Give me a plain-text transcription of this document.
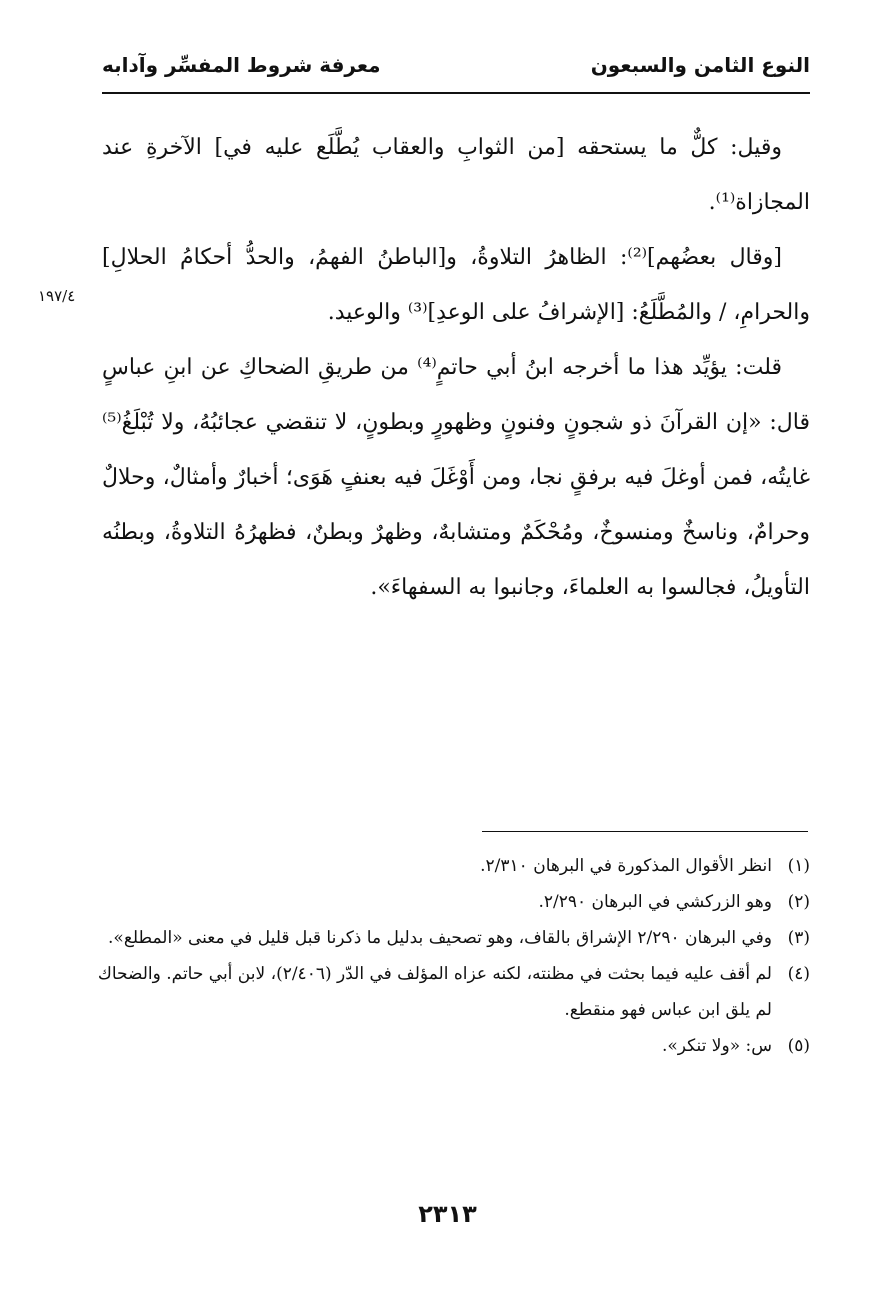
النوع الثامن والسبعون
معرفة شروط المفسِّر وآدابه
١٩٧/٤

وقيل: كلٌّ ما يستحقه [من الثوابِ والعقاب يُطَّلَع عليه في] الآخرةِ عند المجازاة⁽¹⁾.

[وقال بعضُهم]⁽²⁾: الظاهرُ التلاوةُ، و[الباطنُ الفهمُ، والحدُّ أحكامُ الحلالِ] والحرامِ، / والمُطَّلَعُ: [الإشرافُ على الوعدِ]⁽³⁾ والوعيد.

قلت: يؤيِّد هذا ما أخرجه ابنُ أبي حاتمٍ⁽⁴⁾ من طريقِ الضحاكِ عن ابنِ عباسٍ قال: «إن القرآنَ ذو شجونٍ وفنونٍ وظهورٍ وبطونٍ، لا تنقضي عجائبُهُ، ولا تُبْلَغُ⁽⁵⁾ غايتُه، فمن أوغلَ فيه برفقٍ نجا، ومن أَوْغَلَ فيه بعنفٍ هَوَى؛ أخبارٌ وأمثالٌ، وحلالٌ وحرامٌ، وناسخٌ ومنسوخٌ، ومُحْكَمٌ ومتشابهٌ، وظهرٌ وبطنٌ، فظهرُهُ التلاوةُ، وبطنُه التأويلُ، فجالسوا به العلماءَ، وجانبوا به السفهاءَ».

(١)انظر الأقوال المذكورة في البرهان ٢/٣١٠.

(٢)وهو الزركشي في البرهان ٢/٢٩٠.

(٣)وفي البرهان ٢/٢٩٠ الإشراق بالقاف، وهو تصحيف بدليل ما ذكرنا قبل قليل في معنى «المطلع».

(٤)لم أقف عليه فيما بحثت في مظنته، لكنه عزاه المؤلف في الدّر (٢/٤٠٦)، لابن أبي حاتم. والضحاك لم يلق ابن عباس فهو منقطع.

(٥)س: «ولا تنكر».

٢٣١٣
